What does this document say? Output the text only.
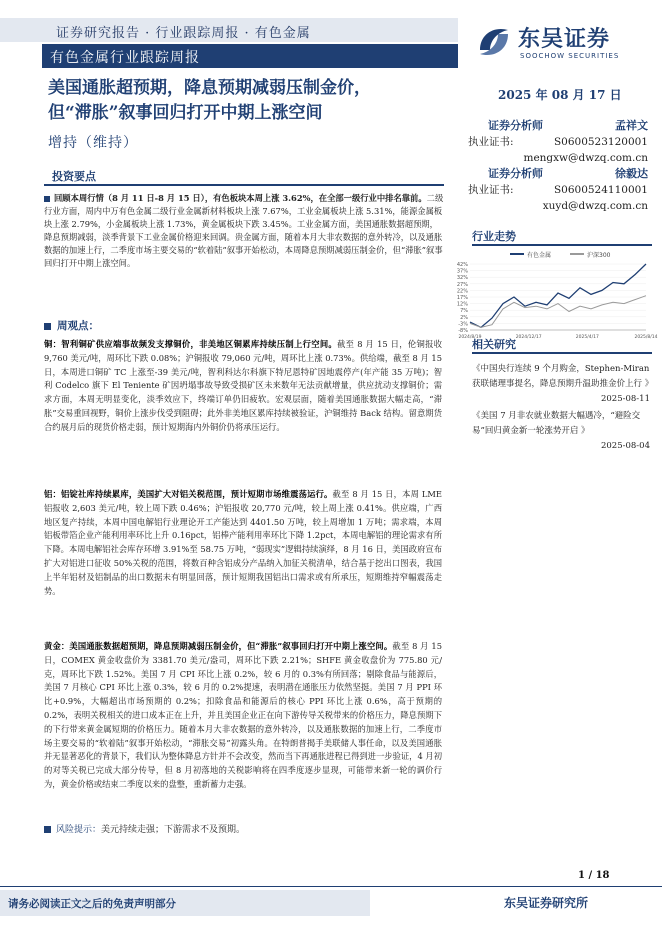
证券研究报告 · 行业跟踪周报 · 有色金属
有色金属行业跟踪周报
东吴证券
SOOCHOW SECURITIES
美国通胀超预期，降息预期减弱压制金价，
但“滞胀”叙事回归打开中期上涨空间
增持（维持）
2025 年 08 月 17 日
证券分析师	孟祥文
执业证书:	S0600523120001
mengxw@dwzq.com.cn
证券分析师	徐毅达
执业证书:	S0600524110001
xuyd@dwzq.com.cn
投资要点
回顾本周行情（8 月 11 日-8 月 15 日），有色板块本周上涨 3.62%，在全部一级行业中排名靠前。二级行业方面，周内中万有色金属二级行业金属新材料板块上涨 7.67%，工业金属板块上涨 5.31%，能源金属板块上涨 2.79%，小金属板块上涨 1.73%，黄金属板块下跌 3.45%。工业金属方面，美国通胀数据超预期，降息预期减弱，淡季背景下工业金属价格迎来回调。贵金属方面，随着本月大非农数据的意外转冷，以及通胀数据的加速上行，二季度市场主要交易的“软着陆”叙事开始松动，本周降息预期减弱压制金价，但“滞胀”叙事回归打开中期上涨空间。
周观点：
铜：智利铜矿供应端事故频发支撑铜价，非美地区铜累库持续压制上行空间。截至 8 月 15 日，伦铜报收 9,760 美元/吨，周环比下跌 0.08%；沪铜报收 79,060 元/吨，周环比上涨 0.73%。供给端，截至 8 月 15 日，本周进口铜矿 TC 上涨至-39 美元/吨，智利科达尔科旗下特尼恩特矿因地震停产(年产能 35 万吨)；智利 Codelco 旗下 El Teniente 矿因坍塌事故导致受损矿区未来数年无法贡献增量，供应扰动支撑铜价；需求方面，本周无明显变化，淡季效应下，终端订单仍旧疲软。宏观层面，随着美国通胀数据大幅走高，“滞胀”交易重回视野，铜价上涨步伐受到阻碍；此外非美地区累库持续被验证，沪铜维持 Back 结构。留意期货合约展月后的现货价格走弱，预计短期海内外铜价仍将承压运行。
铝：铝锭社库持续累库，美国扩大对铝关税范围，预计短期市场维震荡运行。截至 8 月 15 日，本周 LME 铝报收 2,603 美元/吨，较上周下跌 0.46%；沪铝报收 20,770 元/吨，较上周上涨 0.41%。供应端，广西地区复产持续，本周中国电解铝行业理论开工产能达到 4401.50 万吨，较上周增加 1 万吨；需求端，本周铝板带箔企业产能利用率环比上升 0.16pct，铝棒产能利用率环比下降 1.2pct，本周电解铝的理论需求有所下降。本周电解铝社会库存环增 3.91%至 58.75 万吨，“弱现实”逻辑持续演绎，8 月 16 日，美国政府宣布扩大对铝进口征收 50%关税的范围，将数百种含铝成分产品纳入加征关税清单，结合基于挖出口图表，我国上半年铝材及铝制品的出口数据未有明显回落，预计短期我国铝出口需求或有所承压，短期维持窄幅震荡走势。
黄金：美国通胀数据超预期，降息预期减弱压制金价，但“滞胀”叙事回归打开中期上涨空间。截至 8 月 15 日，COMEX 黄金收盘价为 3381.70 美元/盎司，周环比下跌 2.21%；SHFE 黄金收盘价为 775.80 元/克，周环比下跌 1.52%。美国 7 月 CPI 环比上涨 0.2%，较 6 月的 0.3%有所回落；剔除食品与能源后，美国 7 月核心 CPI 环比上涨 0.3%，较 6 月的 0.2%提速，表明潜在通胀压力依然坚挺。美国 7 月 PPI 环比+0.9%，大幅超出市场预期的 0.2%；扣除食品和能源后的核心 PPI 环比上涨 0.6%，高于预期的 0.2%，表明关税相关的进口成本正在上升，并且美国企业正在向下游传导关税带来的价格压力，降息预期下的下行带来黄金属短期的价格压力。随着本月大非农数据的意外转冷，以及通胀数据的加速上行，二季度市场主要交易的“软着陆”叙事开始松动，“滞胀交易”初露头角。在特朗普揭手美联储人事任命，以及美国通胀并无显著恶化的背景下，我们认为整体降息方针并不会改变，然而当下再通胀进程已得到进一步验证，4 月初的对等关税已完成大部分传导，但 8 月初落地的关税影响将在四季度逐步显现，可能带来新一轮的调价行为，黄金价格或结束二季度以来的盘整，重新蓄力走强。
风险提示：美元持续走强；下游需求不及预期。
行业走势
有色金属	沪深300
42%
37%
32%
27%
22%
17%
12%
7%
2%
-3%
-8%
2024/8/19	2024/12/17	2025/4/17	2025/8/14
相关研究
《中国央行连续 9 个月购金，Stephen-Miran 获联储理事提名，降息预期升温助推金价上行 》
2025-08-11
《美国 7 月非农就业数据大幅遇冷，“避险交易”回归黄金新一轮涨势开启 》
2025-08-04
1 / 18
请务必阅读正文之后的免责声明部分	东吴证券研究所
